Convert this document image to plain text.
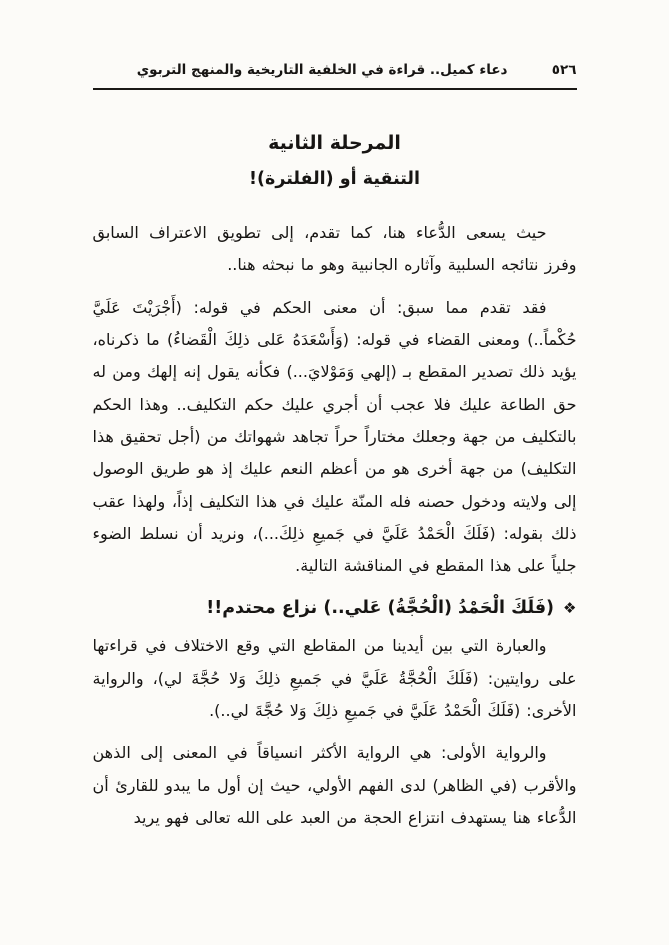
٥٢٦
دعاء كميل.. قراءة في الخلفية التاريخية والمنهج التربوي
المرحلة الثانية
التنقية أو (الفلترة)!

حيث يسعى الدُّعاء هنا، كما تقدم، إلى تطويق الاعتراف السابق وفرز نتائجه السلبية وآثاره الجانبية وهو ما نبحثه هنا..

فقد تقدم مما سبق: أن معنى الحكم في قوله: (أَجْرَيْتَ عَلَيَّ حُكْماً..) ومعنى القضاء في قوله: (وَأَسْعَدَهُ عَلى ذلِكَ الْقَضاءُ) ما ذكرناه، يؤيد ذلك تصدير المقطع بـ (إلهي وَمَوْلايَ...) فكأنه يقول إنه إلهك ومن له حق الطاعة عليك فلا عجب أن أجري عليك حكم التكليف.. وهذا الحكم بالتكليف من جهة وجعلك مختاراً حراً تجاهد شهواتك من (أجل تحقيق هذا التكليف) من جهة أخرى هو من أعظم النعم عليك إذ هو طريق الوصول إلى ولايته ودخول حصنه فله المنّة عليك في هذا التكليف إذاً، ولهذا عقب ذلك بقوله: (فَلَكَ الْحَمْدُ عَلَيَّ في جَميعِ ذلِكَ...)، ونريد أن نسلط الضوء جلياً على هذا المقطع في المناقشة التالية.

❖(فَلَكَ الْحَمْدُ (الْحُجَّةُ) عَلي..) نزاع محتدم!!

والعبارة التي بين أيدينا من المقاطع التي وقع الاختلاف في قراءتها على روايتين: (فَلَكَ الْحُجَّةُ عَلَيَّ في جَميعِ ذلِكَ وَلا حُجَّةَ لي)، والرواية الأخرى: (فَلَكَ الْحَمْدُ عَلَيَّ في جَميعِ ذلِكَ وَلا حُجَّةَ لي..).

والرواية الأولى: هي الرواية الأكثر انسياقاً في المعنى إلى الذهن والأقرب (في الظاهر) لدى الفهم الأولي، حيث إن أول ما يبدو للقارئ أن الدُّعاء هنا يستهدف انتزاع الحجة من العبد على الله تعالى فهو يريد
